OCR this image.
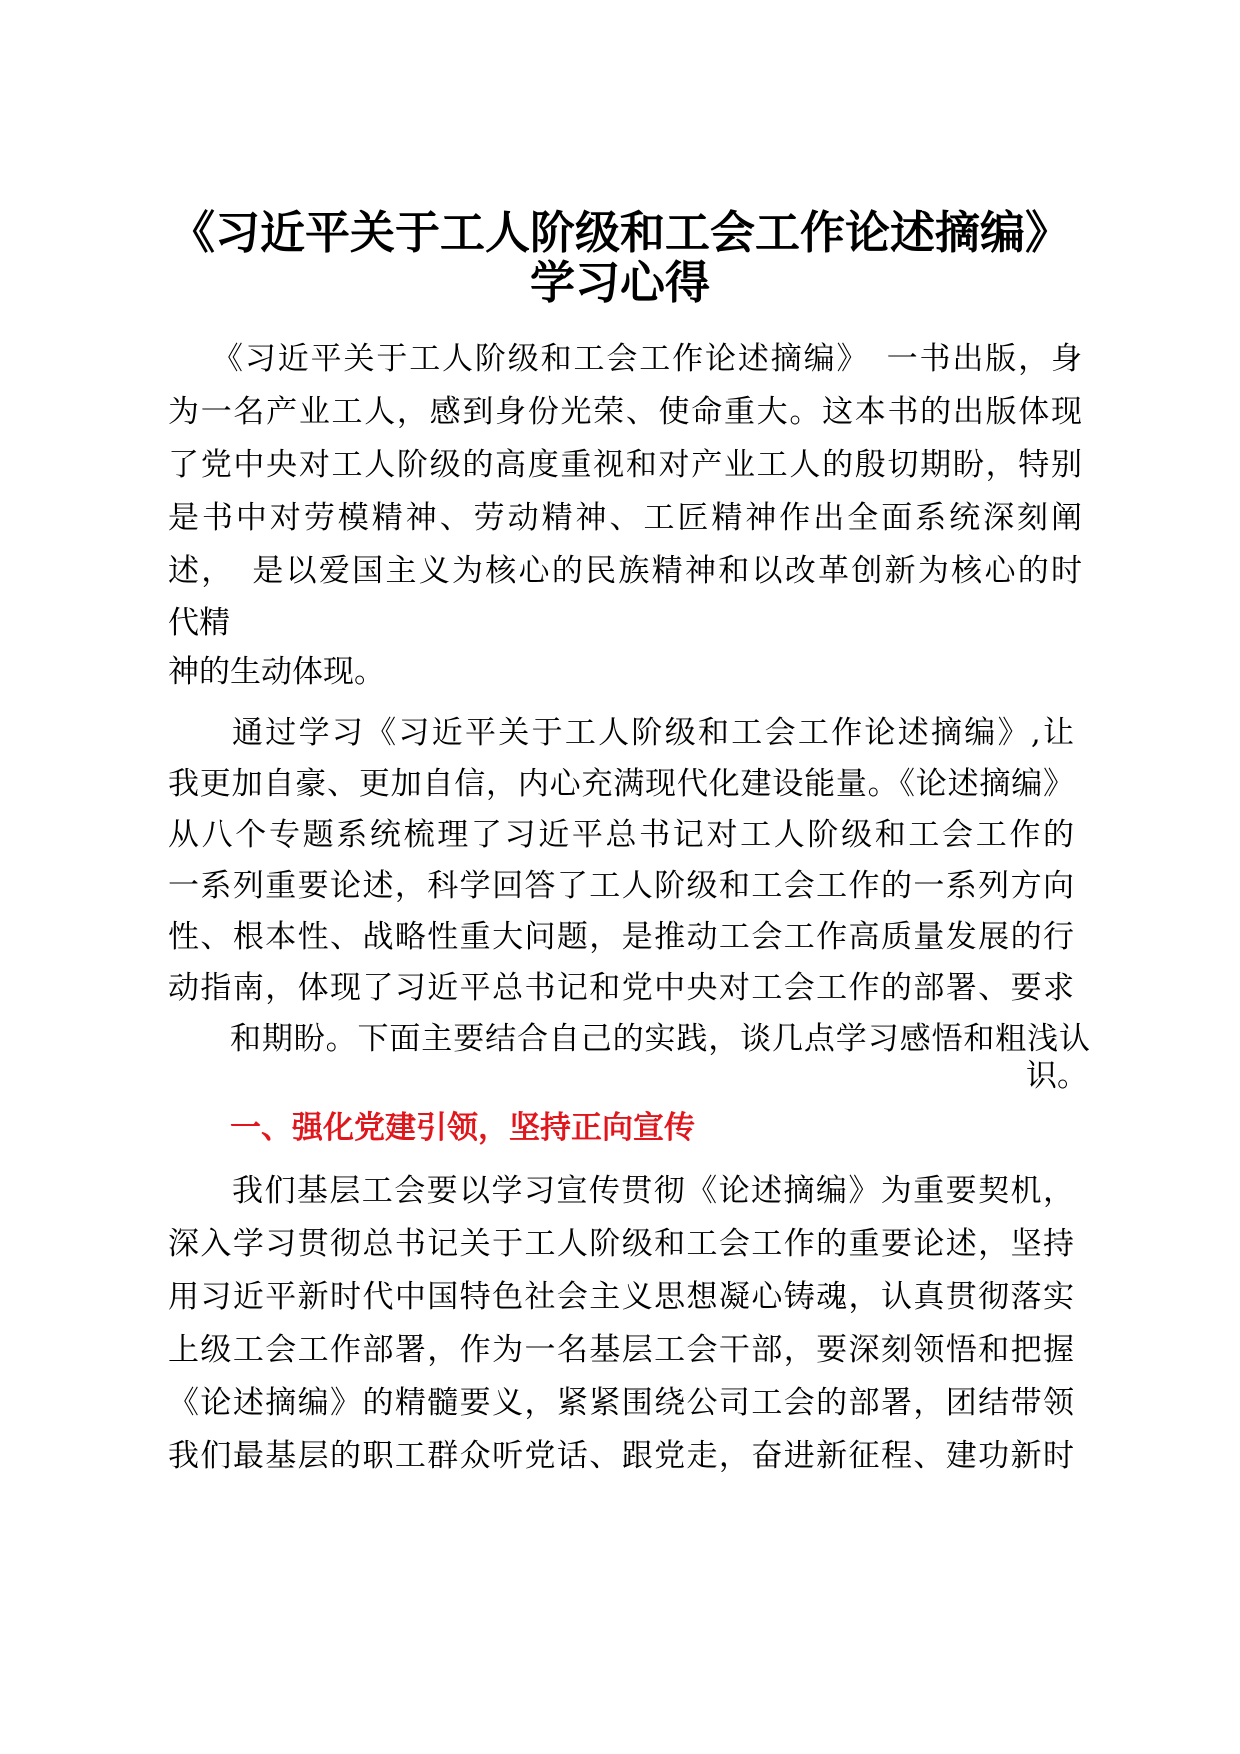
《习近平关于工人阶级和工会工作论述摘编》
学习心得
《习近平关于工人阶级和工会工作论述摘编》　一书出版，身
为一名产业工人，感到身份光荣、使命重大。这本书的出版体现
了党中央对工人阶级的高度重视和对产业工人的殷切期盼，特别
是书中对劳模精神、劳动精神、工匠精神作出全面系统深刻阐
述，　是以爱国主义为核心的民族精神和以改革创新为核心的时
代精
神的生动体现。
通过学习《习近平关于工人阶级和工会工作论述摘编》,让
我更加自豪、更加自信，内心充满现代化建设能量。《论述摘编》
从八个专题系统梳理了习近平总书记对工人阶级和工会工作的
一系列重要论述，科学回答了工人阶级和工会工作的一系列方向
性、根本性、战略性重大问题，是推动工会工作高质量发展的行
动指南，体现了习近平总书记和党中央对工会工作的部署、要求
和期盼。下面主要结合自己的实践，谈几点学习感悟和粗浅认
识。
一、强化党建引领，坚持正向宣传
我们基层工会要以学习宣传贯彻《论述摘编》为重要契机，
深入学习贯彻总书记关于工人阶级和工会工作的重要论述，坚持
用习近平新时代中国特色社会主义思想凝心铸魂，认真贯彻落实
上级工会工作部署，作为一名基层工会干部，要深刻领悟和把握
《论述摘编》的精髓要义，紧紧围绕公司工会的部署，团结带领
我们最基层的职工群众听党话、跟党走，奋进新征程、建功新时
